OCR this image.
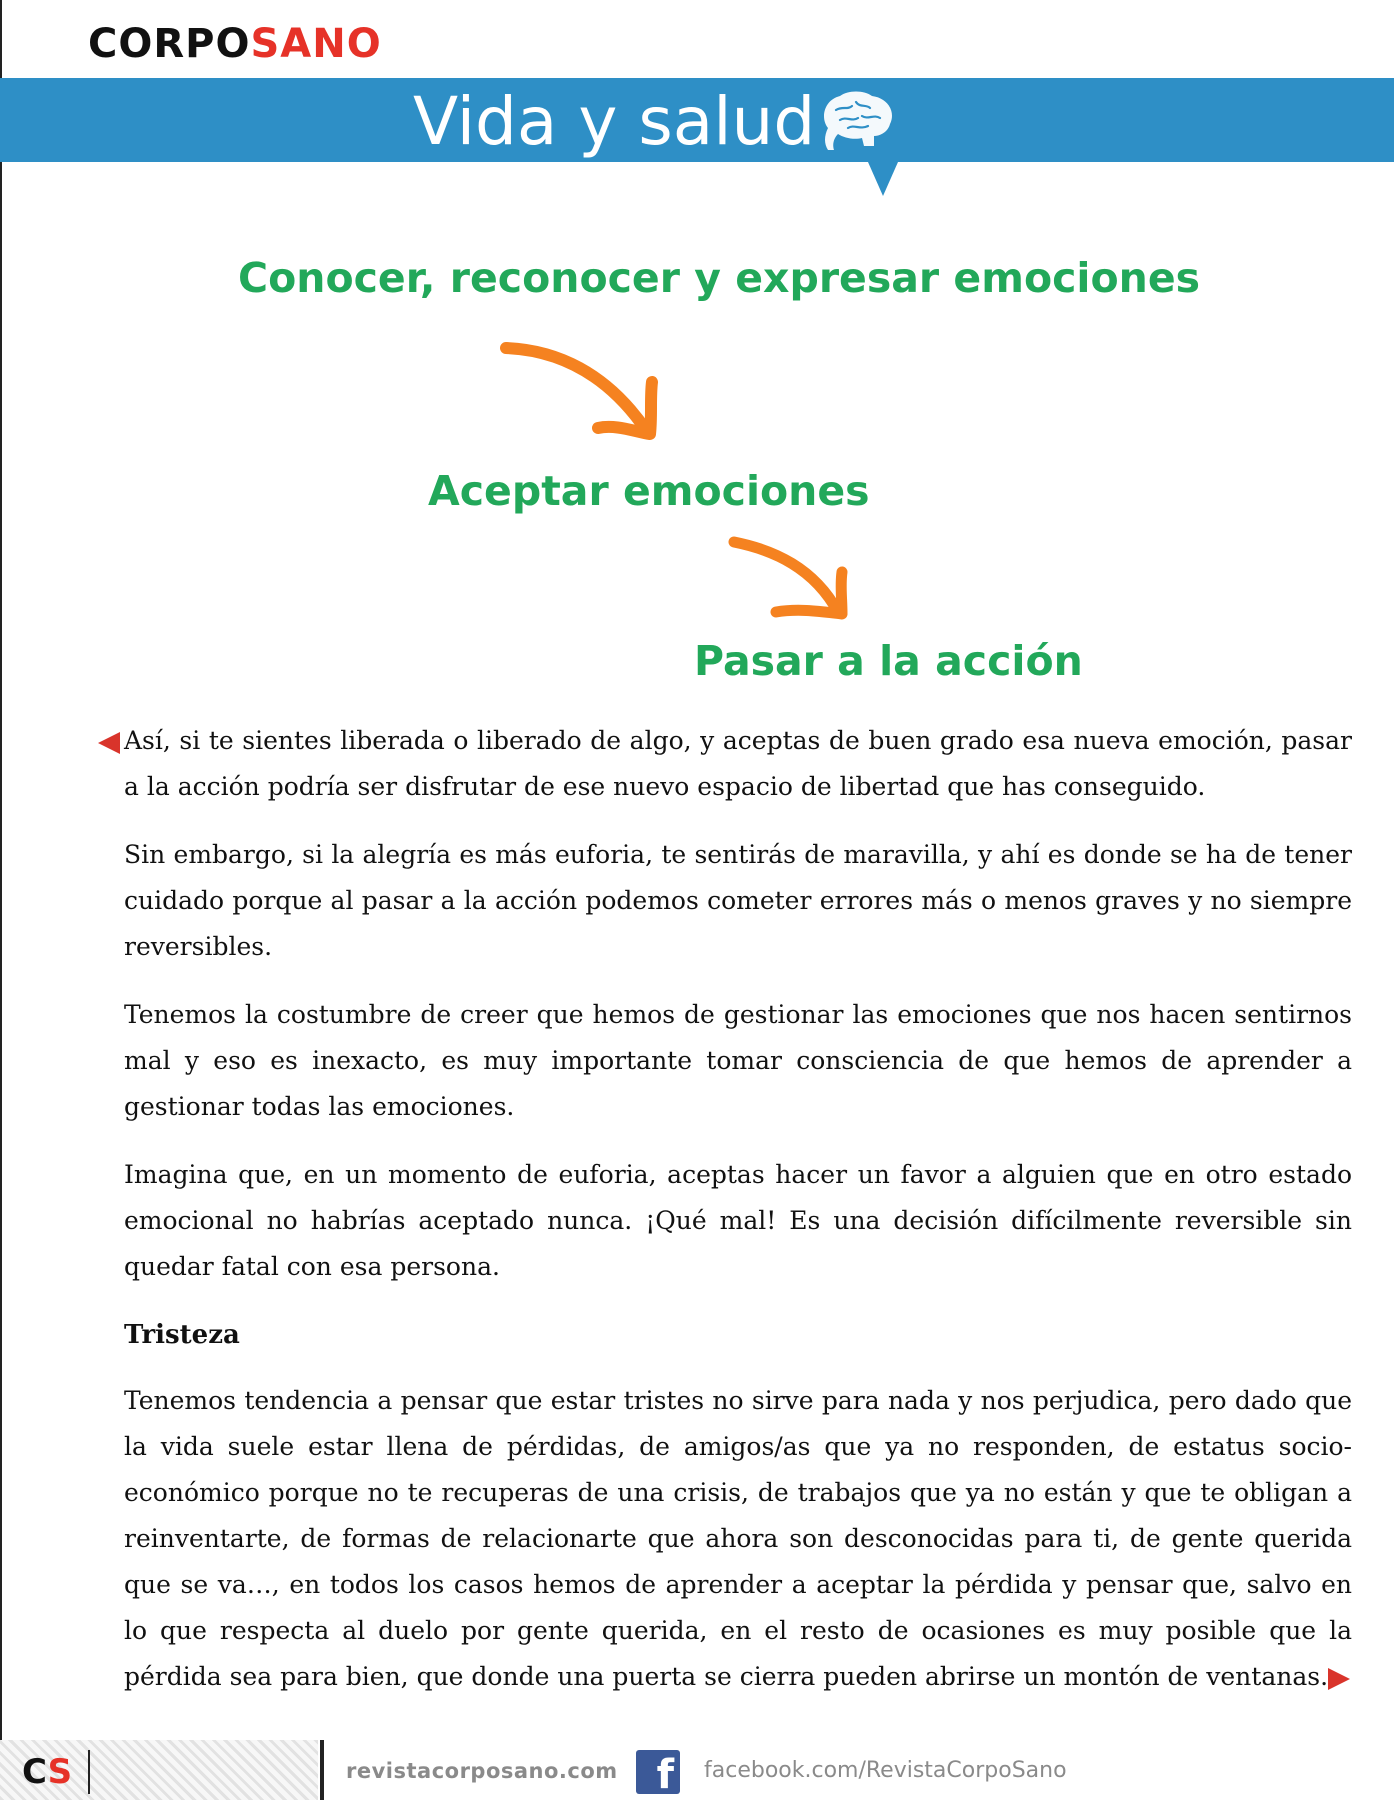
CORPOSANO
Vida y salud
Conocer, reconocer y expresar emociones
Aceptar emociones
Pasar a la acción

Así, si te sientes liberada o liberado de algo, y aceptas de buen grado esa nueva emoción, pasar a la acción podría ser disfrutar de ese nuevo espacio de libertad que has conseguido.

Sin embargo, si la alegría es más euforia, te sentirás de maravilla, y ahí es donde se ha de tener cuidado porque al pasar a la acción podemos cometer errores más o menos graves y no siempre reversibles.

Tenemos la costumbre de creer que hemos de gestionar las emociones que nos hacen sentirnos mal y eso es inexacto, es muy importante tomar consciencia de que hemos de aprender a gestionar todas las emociones.

Imagina que, en un momento de euforia, aceptas hacer un favor a alguien que en otro estado emocional no habrías aceptado nunca. ¡Qué mal! Es una decisión difícilmente reversible sin quedar fatal con esa persona.

Tristeza

Tenemos tendencia a pensar que estar tristes no sirve para nada y nos perjudica, pero dado que la vida suele estar llena de pérdidas, de amigos/as que ya no responden, de estatus socio-económico porque no te recuperas de una crisis, de trabajos que ya no están y que te obligan a reinventarte, de formas de relacionarte que ahora son desconocidas para ti, de gente querida que se va…, en todos los casos hemos de aprender a aceptar la pérdida y pensar que, salvo en lo que respecta al duelo por gente querida, en el resto de ocasiones es muy posible que la pérdida sea para bien, que donde una puerta se cierra pueden abrirse un montón de ventanas.

CS	revistacorposano.com f facebook.com/RevistaCorpoSano
